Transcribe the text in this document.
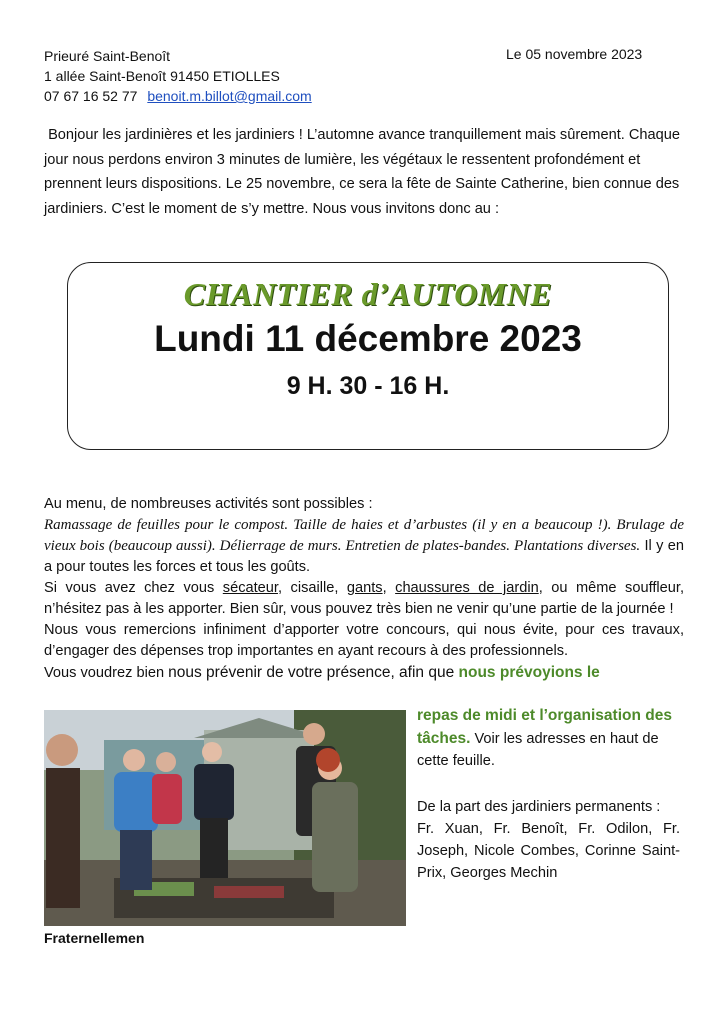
Prieuré Saint-Benoît
1 allée Saint-Benoît 91450 ETIOLLES
07 67 16 52 77 benoit.m.billot@gmail.com
Le 05 novembre 2023
Bonjour les jardinières et les jardiniers ! L’automne avance tranquillement mais sûrement. Chaque jour nous perdons environ 3 minutes de lumière, les végétaux le ressentent profondément et prennent leurs dispositions. Le 25 novembre, ce sera la fête de Sainte Catherine, bien connue des jardiniers. C’est le moment de s’y mettre. Nous vous invitons donc au :
CHANTIER d’AUTOMNE
Lundi 11 décembre 2023
9 H. 30 - 16 H.
Au menu, de nombreuses activités sont possibles :
Ramassage de feuilles pour le compost. Taille de haies et d’arbustes (il y en a beaucoup !). Brulage de vieux bois (beaucoup aussi). Délierrage de murs. Entretien de plates-bandes. Plantations diverses. Il y en a pour toutes les forces et tous les goûts.
Si vous avez chez vous sécateur, cisaille, gants, chaussures de jardin, ou même souffleur, n’hésitez pas à les apporter. Bien sûr, vous pouvez très bien ne venir qu’une partie de la journée !
Nous vous remercions infiniment d’apporter votre concours, qui nous évite, pour ces travaux, d’engager des dépenses trop importantes en ayant recours à des professionnels.
Vous voudrez bien nous prévenir de votre présence, afin que nous prévoyions le
Fraternellemen
repas de midi et l’organisation des tâches. Voir les adresses en haut de cette feuille.
De la part des jardiniers permanents :
Fr. Xuan, Fr. Benoît, Fr. Odilon, Fr. Joseph, Nicole Combes, Corinne Saint-Prix, Georges Mechin
